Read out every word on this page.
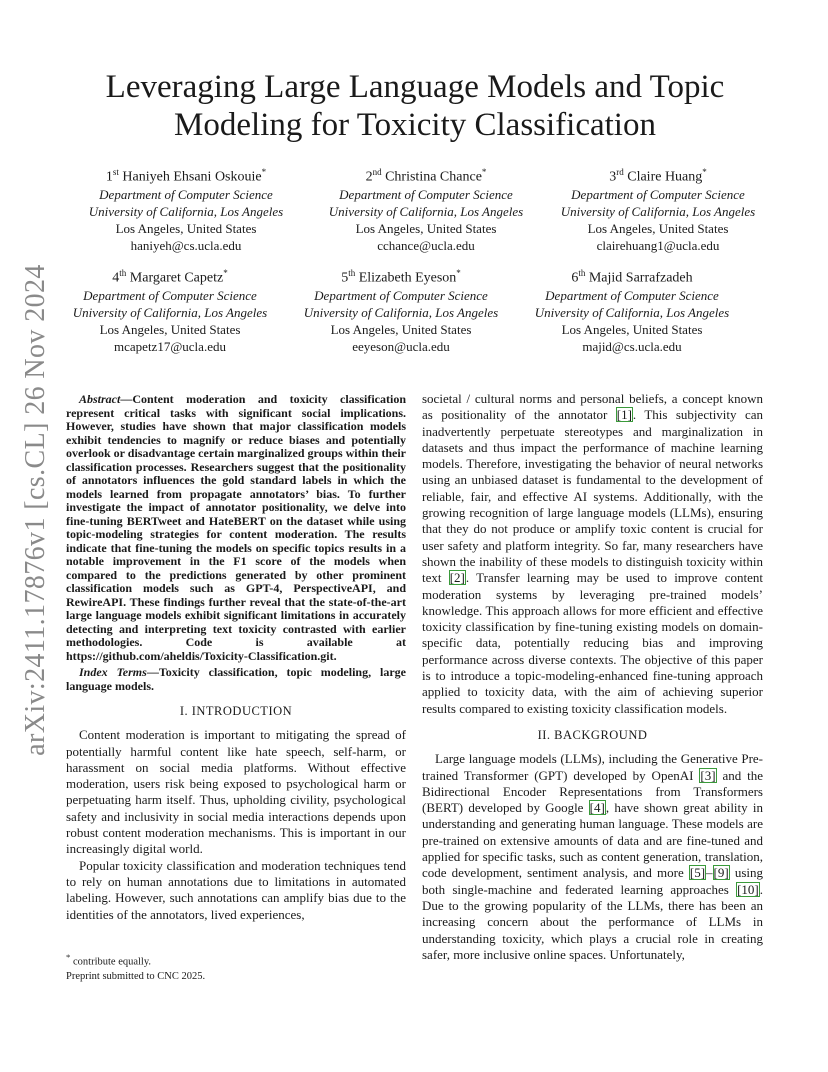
arXiv:2411.17876v1 [cs.CL] 26 Nov 2024
Leveraging Large Language Models and Topic Modeling for Toxicity Classification
1st Haniyeh Ehsani Oskouie*
Department of Computer Science
University of California, Los Angeles
Los Angeles, United States
haniyeh@cs.ucla.edu
2nd Christina Chance*
Department of Computer Science
University of California, Los Angeles
Los Angeles, United States
cchance@ucla.edu
3rd Claire Huang*
Department of Computer Science
University of California, Los Angeles
Los Angeles, United States
clairehuang1@ucla.edu
4th Margaret Capetz*
Department of Computer Science
University of California, Los Angeles
Los Angeles, United States
mcapetz17@ucla.edu
5th Elizabeth Eyeson*
Department of Computer Science
University of California, Los Angeles
Los Angeles, United States
eeyeson@ucla.edu
6th Majid Sarrafzadeh
Department of Computer Science
University of California, Los Angeles
Los Angeles, United States
majid@cs.ucla.edu

Abstract—Content moderation and toxicity classification represent critical tasks with significant social implications. However, studies have shown that major classification models exhibit tendencies to magnify or reduce biases and potentially overlook or disadvantage certain marginalized groups within their classification processes. Researchers suggest that the positionality of annotators influences the gold standard labels in which the models learned from propagate annotators’ bias. To further investigate the impact of annotator positionality, we delve into fine-tuning BERTweet and HateBERT on the dataset while using topic-modeling strategies for content moderation. The results indicate that fine-tuning the models on specific topics results in a notable improvement in the F1 score of the models when compared to the predictions generated by other prominent classification models such as GPT-4, PerspectiveAPI, and RewireAPI. These findings further reveal that the state-of-the-art large language models exhibit significant limitations in accurately detecting and interpreting text toxicity contrasted with earlier methodologies. Code is available at https://github.com/aheldis/Toxicity-Classification.git.

Index Terms—Toxicity classification, topic modeling, large language models.

I. INTRODUCTION

Content moderation is important to mitigating the spread of potentially harmful content like hate speech, self-harm, or harassment on social media platforms. Without effective moderation, users risk being exposed to psychological harm or perpetuating harm itself. Thus, upholding civility, psychological safety and inclusivity in social media interactions depends upon robust content moderation mechanisms. This is important in our increasingly digital world.

Popular toxicity classification and moderation techniques tend to rely on human annotations due to limitations in automated labeling. However, such annotations can amplify bias due to the identities of the annotators, lived experiences,

* contribute equally.
Preprint submitted to CNC 2025.

societal / cultural norms and personal beliefs, a concept known as positionality of the annotator [1]. This subjectivity can inadvertently perpetuate stereotypes and marginalization in datasets and thus impact the performance of machine learning models. Therefore, investigating the behavior of neural networks using an unbiased dataset is fundamental to the development of reliable, fair, and effective AI systems. Additionally, with the growing recognition of large language models (LLMs), ensuring that they do not produce or amplify toxic content is crucial for user safety and platform integrity. So far, many researchers have shown the inability of these models to distinguish toxicity within text [2]. Transfer learning may be used to improve content moderation systems by leveraging pre-trained models’ knowledge. This approach allows for more efficient and effective toxicity classification by fine-tuning existing models on domain-specific data, potentially reducing bias and improving performance across diverse contexts. The objective of this paper is to introduce a topic-modeling-enhanced fine-tuning approach applied to toxicity data, with the aim of achieving superior results compared to existing toxicity classification models.

II. BACKGROUND

Large language models (LLMs), including the Generative Pre-trained Transformer (GPT) developed by OpenAI [3] and the Bidirectional Encoder Representations from Transformers (BERT) developed by Google [4], have shown great ability in understanding and generating human language. These models are pre-trained on extensive amounts of data and are fine-tuned and applied for specific tasks, such as content generation, translation, code development, sentiment analysis, and more [5]–[9] using both single-machine and federated learning approaches [10]. Due to the growing popularity of the LLMs, there has been an increasing concern about the performance of LLMs in understanding toxicity, which plays a crucial role in creating safer, more inclusive online spaces. Unfortunately,
